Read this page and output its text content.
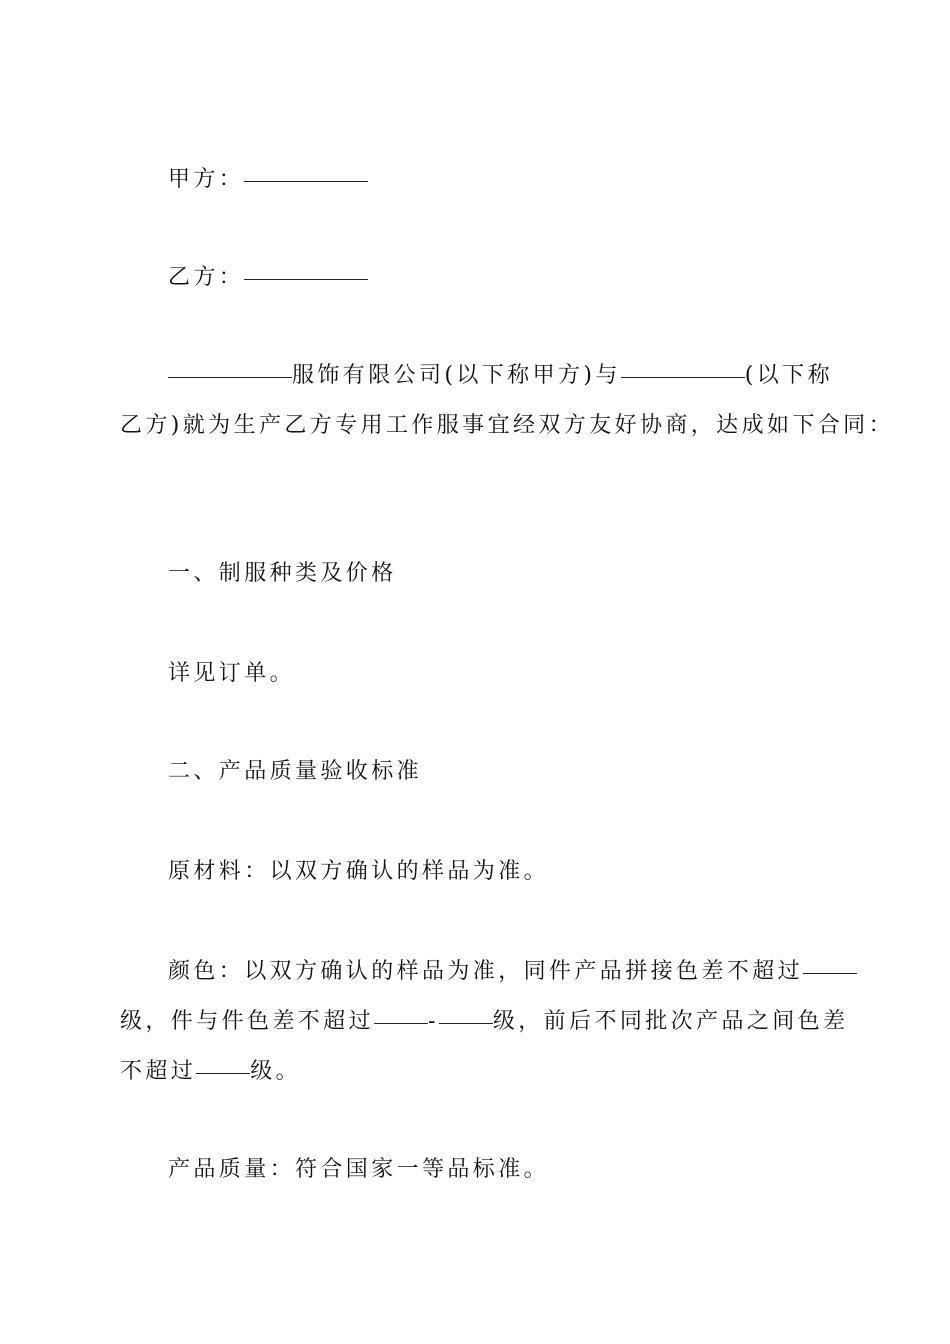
甲方：
乙方：
服饰有限公司(以下称甲方)与	(以下称
乙方)就为生产乙方专用工作服事宜经双方友好协商，达成如下合同：
一、制服种类及价格
详见订单。
二、产品质量验收标准
原材料：以双方确认的样品为准。
颜色：以双方确认的样品为准，同件产品拼接色差不超过
级，件与件色差不超过 - 级，前后不同批次产品之间色差
不超过 级。
产品质量：符合国家一等品标准。
